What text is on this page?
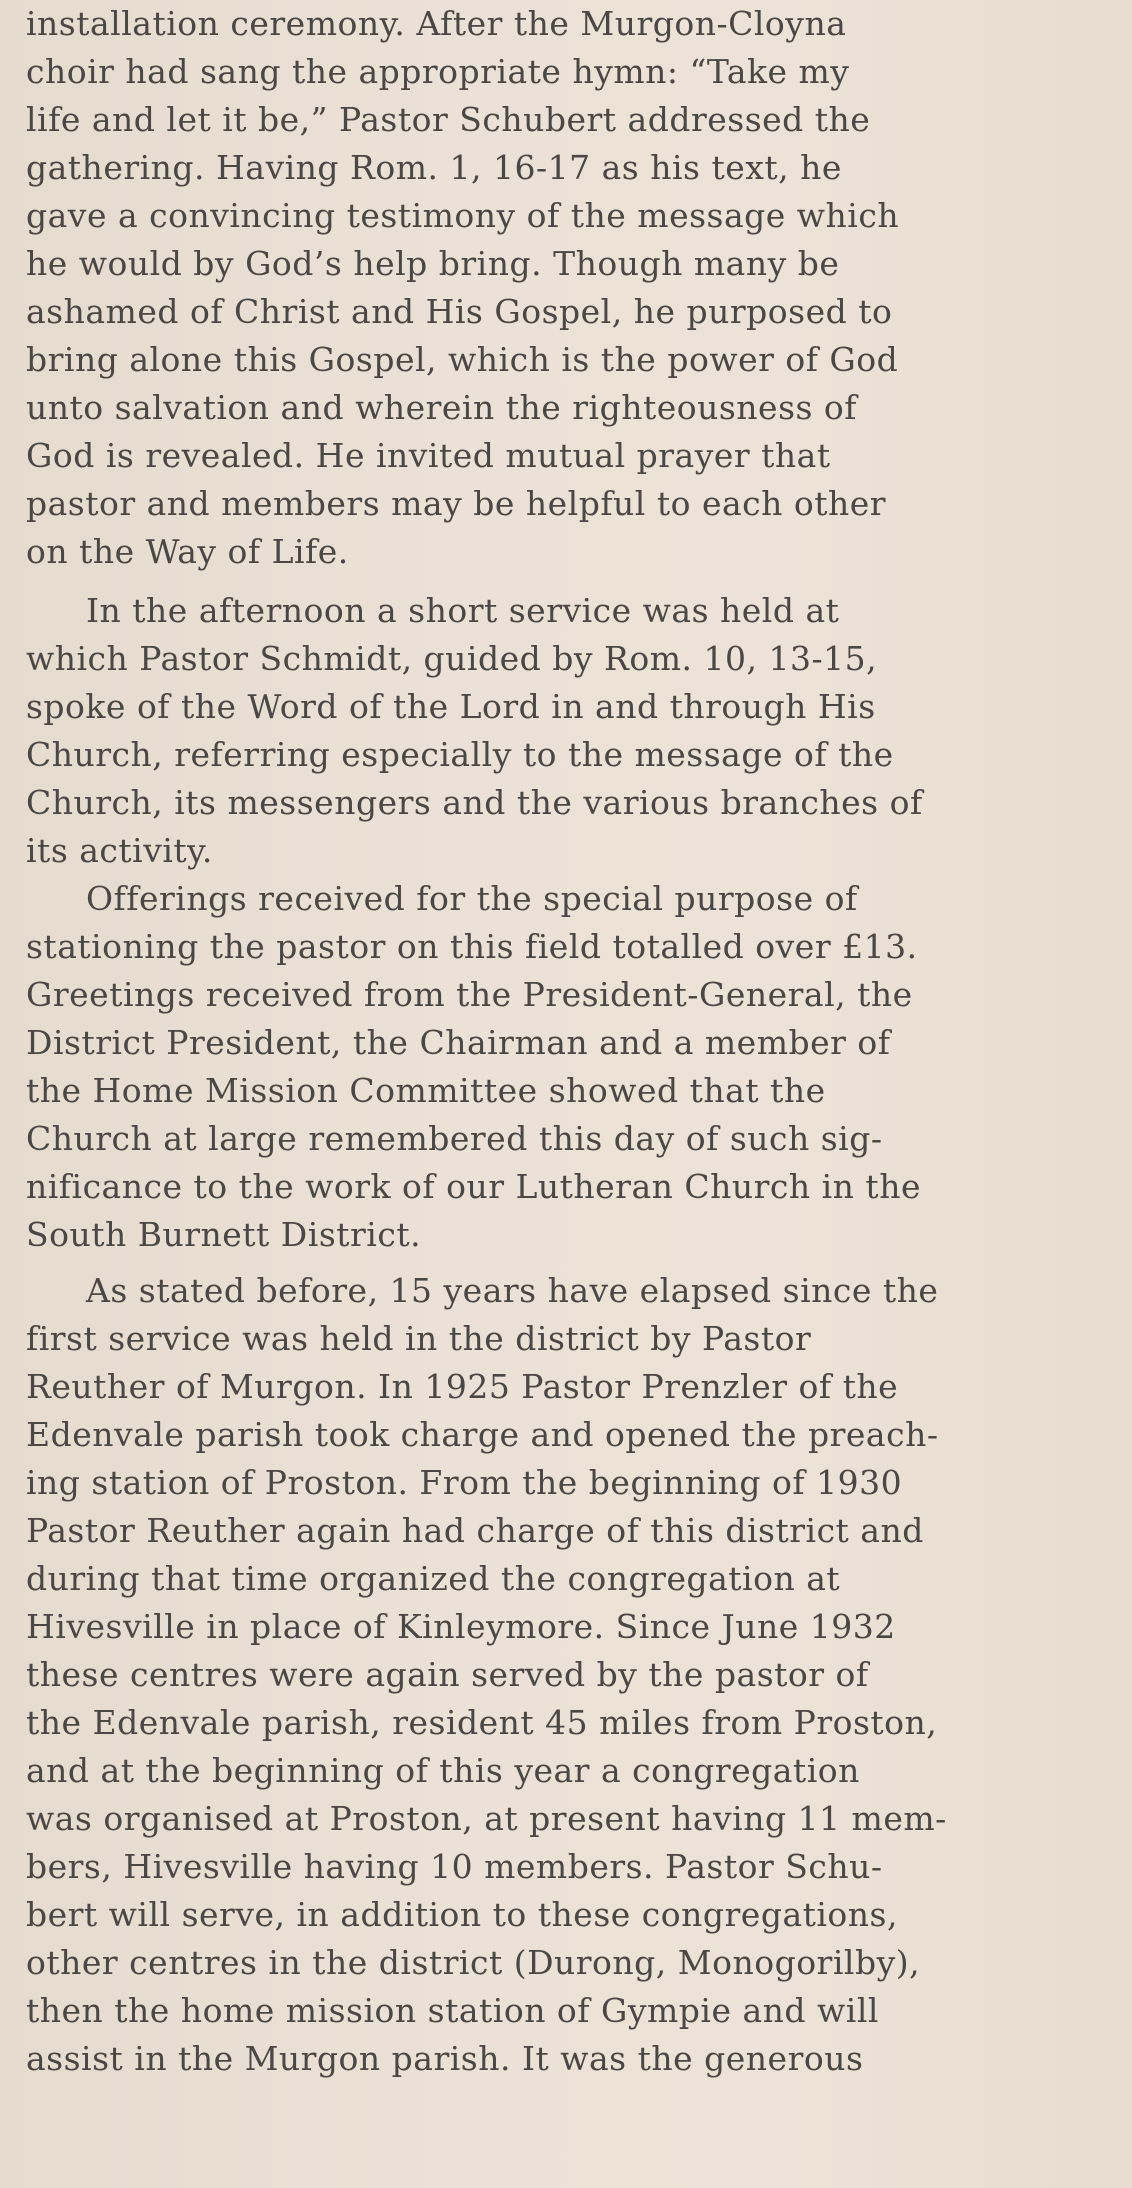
installation ceremony. After the Murgon-Cloyna
choir had sang the appropriate hymn: “Take my
life and let it be,” Pastor Schubert addressed the
gathering. Having Rom. 1, 16-17 as his text, he
gave a convincing testimony of the message which
he would by God’s help bring. Though many be
ashamed of Christ and His Gospel, he purposed to
bring alone this Gospel, which is the power of God
unto salvation and wherein the righteousness of
God is revealed. He invited mutual prayer that
pastor and members may be helpful to each other
on the Way of Life.
In the afternoon a short service was held at
which Pastor Schmidt, guided by Rom. 10, 13-15,
spoke of the Word of the Lord in and through His
Church, referring especially to the message of the
Church, its messengers and the various branches of
its activity.
Offerings received for the special purpose of
stationing the pastor on this field totalled over £13.
Greetings received from the President-General, the
District President, the Chairman and a member of
the Home Mission Committee showed that the
Church at large remembered this day of such sig-
nificance to the work of our Lutheran Church in the
South Burnett District.
As stated before, 15 years have elapsed since the
first service was held in the district by Pastor
Reuther of Murgon. In 1925 Pastor Prenzler of the
Edenvale parish took charge and opened the preach-
ing station of Proston. From the beginning of 1930
Pastor Reuther again had charge of this district and
during that time organized the congregation at
Hivesville in place of Kinleymore. Since June 1932
these centres were again served by the pastor of
the Edenvale parish, resident 45 miles from Proston,
and at the beginning of this year a congregation
was organised at Proston, at present having 11 mem-
bers, Hivesville having 10 members. Pastor Schu-
bert will serve, in addition to these congregations,
other centres in the district (Durong, Monogorilby),
then the home mission station of Gympie and will
assist in the Murgon parish. It was the generous
